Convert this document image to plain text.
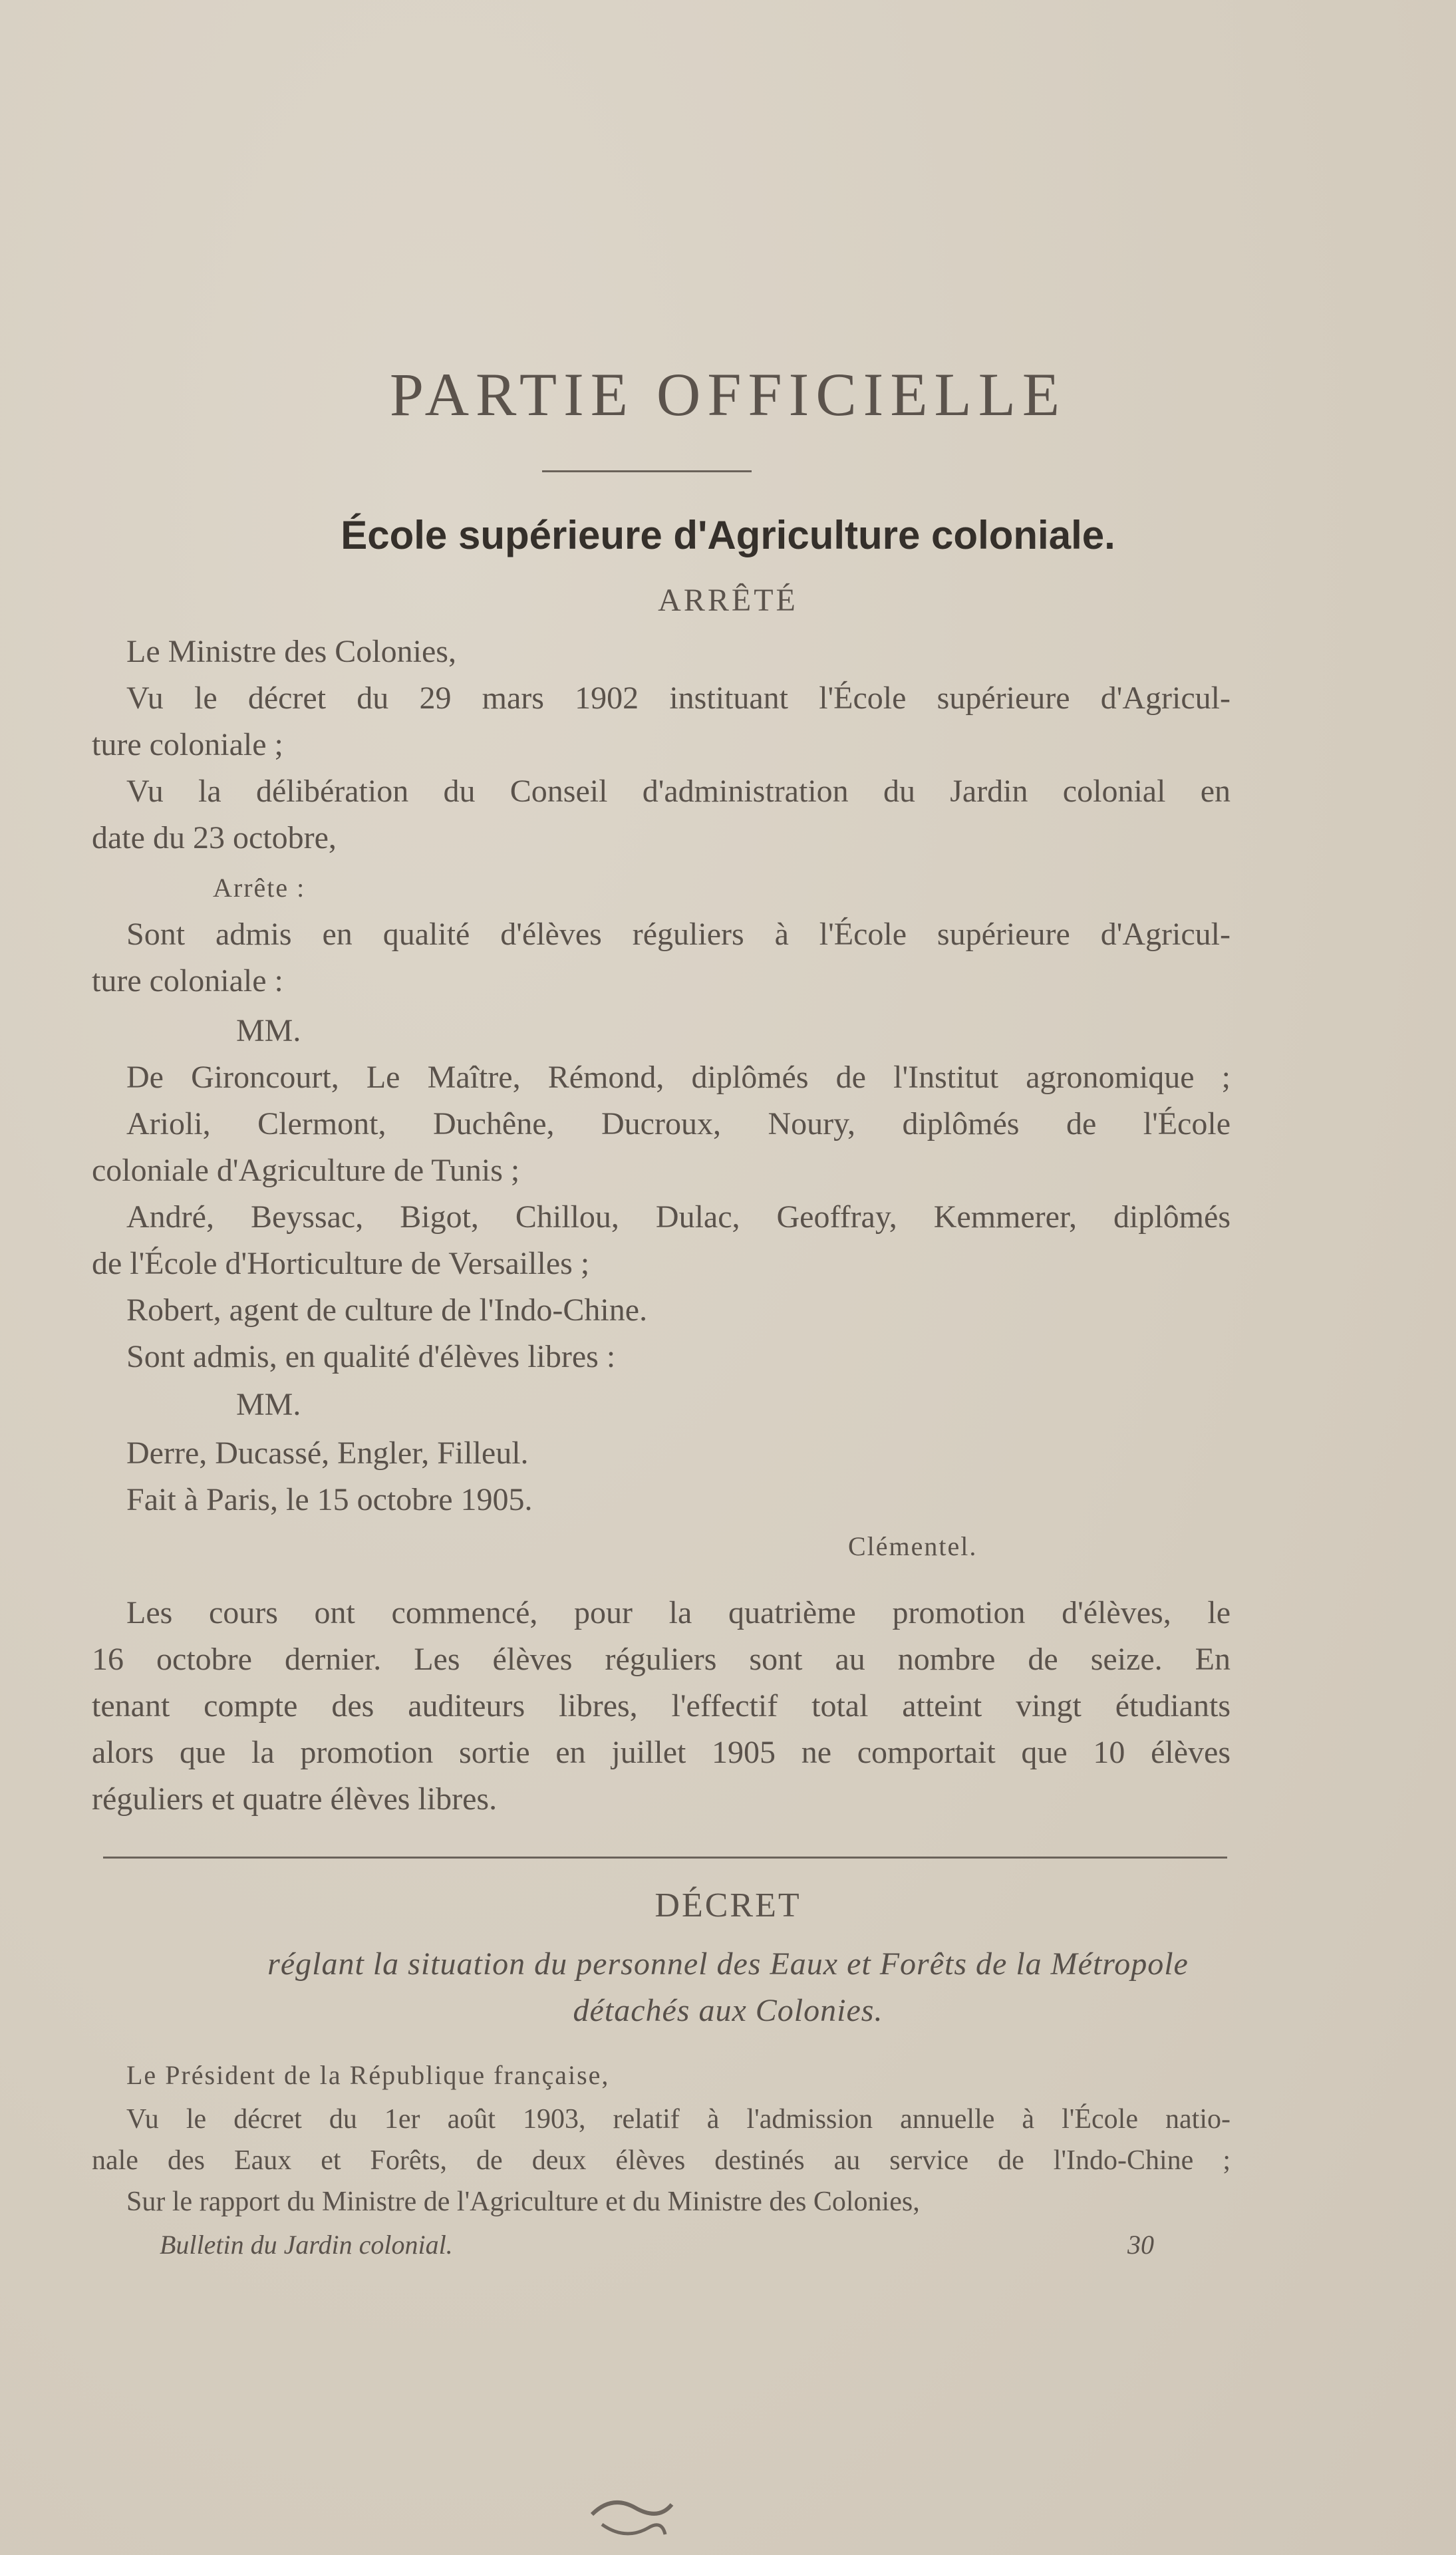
PARTIE OFFICIELLE
École supérieure d'Agriculture coloniale.
ARRÊTÉ
Le Ministre des Colonies,
Vu le décret du 29 mars 1902 instituant l'École supérieure d'Agricul-
ture coloniale ;
Vu la délibération du Conseil d'administration du Jardin colonial en
date du 23 octobre,
Arrête :
Sont admis en qualité d'élèves réguliers à l'École supérieure d'Agricul-
ture coloniale :
MM.
De Gironcourt, Le Maître, Rémond, diplômés de l'Institut agronomique ;
Arioli, Clermont, Duchêne, Ducroux, Noury, diplômés de l'École
coloniale d'Agriculture de Tunis ;
André, Beyssac, Bigot, Chillou, Dulac, Geoffray, Kemmerer, diplômés
de l'École d'Horticulture de Versailles ;
Robert, agent de culture de l'Indo-Chine.
Sont admis, en qualité d'élèves libres :
MM.
Derre, Ducassé, Engler, Filleul.
Fait à Paris, le 15 octobre 1905.
Clémentel.
Les cours ont commencé, pour la quatrième promotion d'élèves, le
16 octobre dernier. Les élèves réguliers sont au nombre de seize. En
tenant compte des auditeurs libres, l'effectif total atteint vingt étudiants
alors que la promotion sortie en juillet 1905 ne comportait que 10 élèves
réguliers et quatre élèves libres.
DÉCRET
réglant la situation du personnel des Eaux et Forêts de la Métropole
détachés aux Colonies.
Le Président de la République française,
Vu le décret du 1er août 1903, relatif à l'admission annuelle à l'École natio-
nale des Eaux et Forêts, de deux élèves destinés au service de l'Indo-Chine ;
Sur le rapport du Ministre de l'Agriculture et du Ministre des Colonies,
Bulletin du Jardin colonial.	30
